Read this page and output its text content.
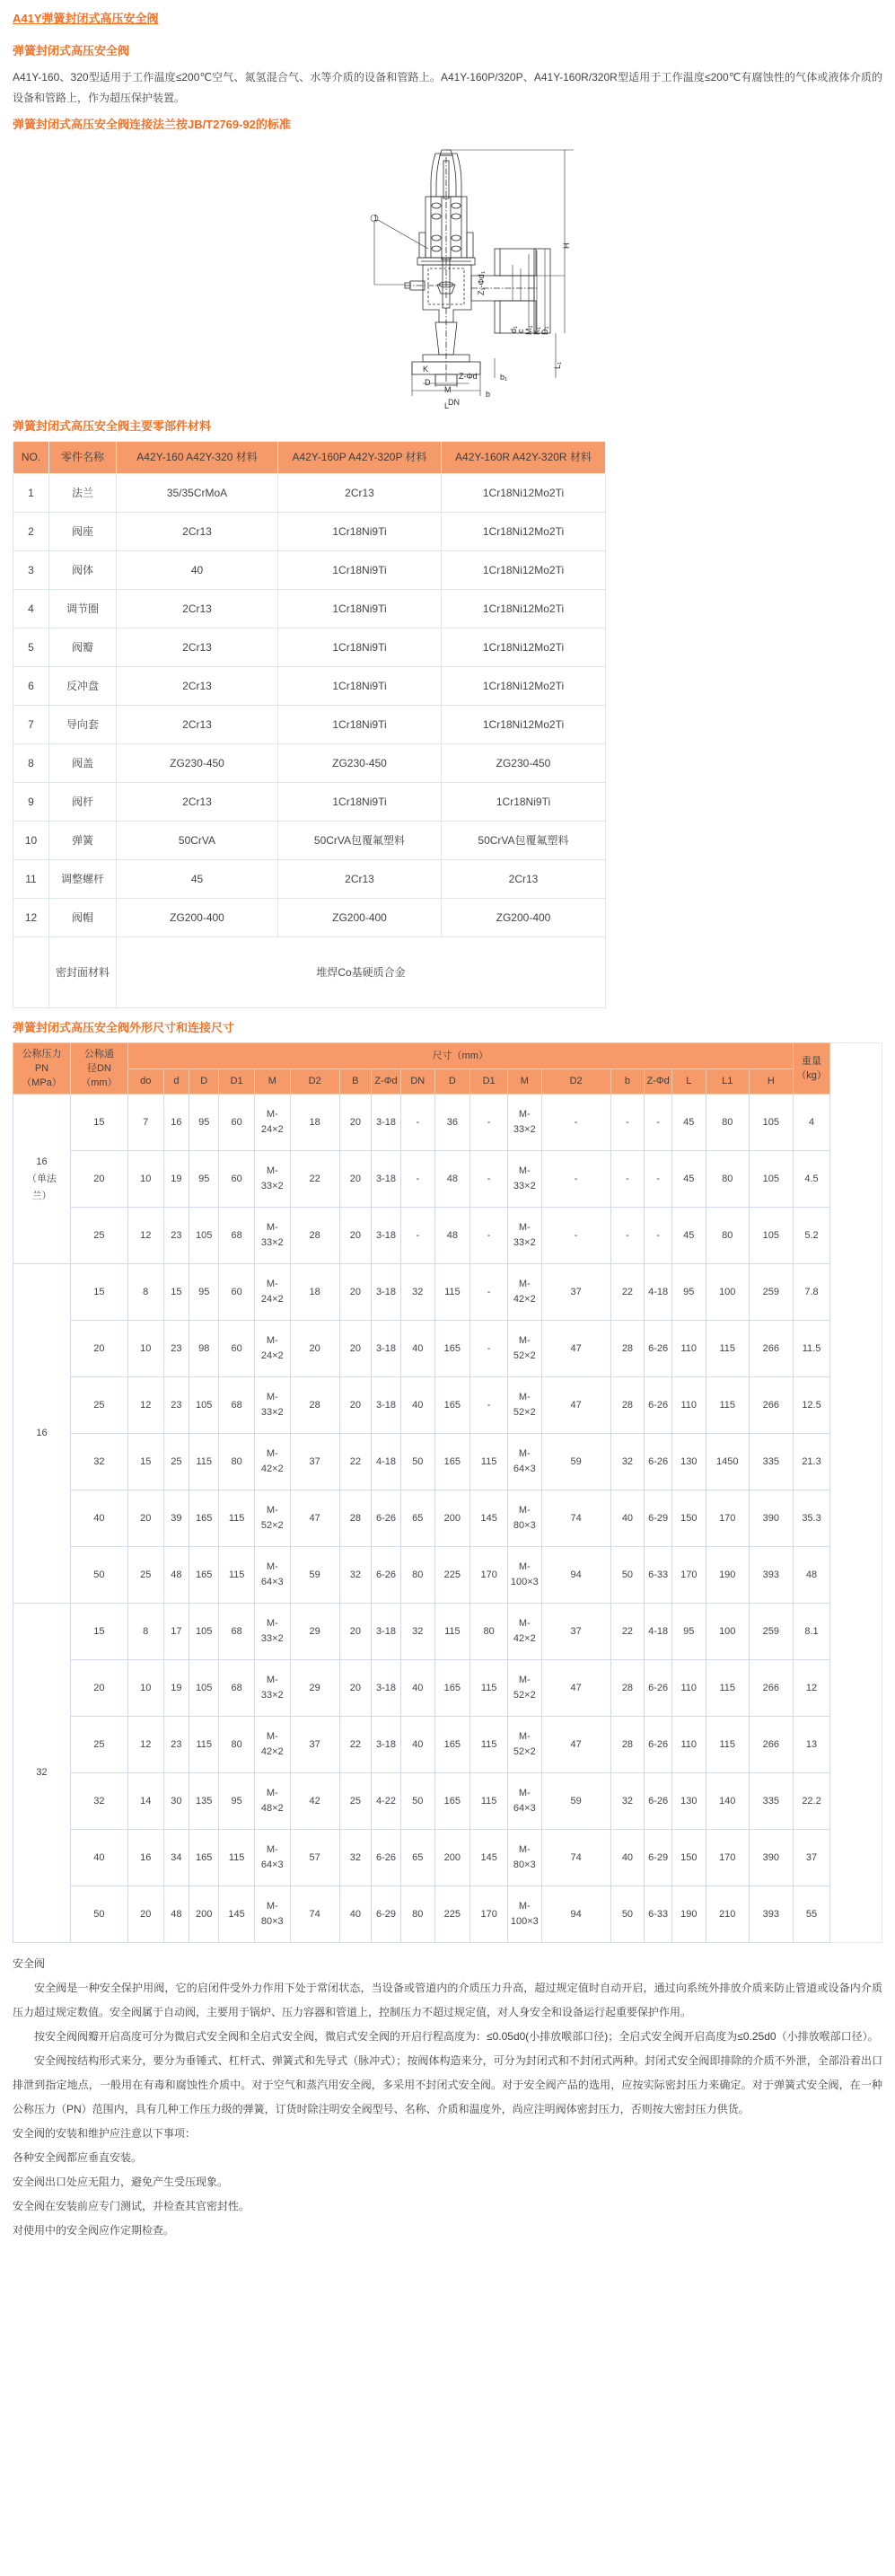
A41Y弹簧封闭式高压安全阀
弹簧封闭式高压安全阀

A41Y-160、320型适用于工作温度≤200℃空气、氮氢混合气、水等介质的设备和管路上。A41Y-160P/320P、A41Y-160R/320R型适用于工作温度≤200℃有腐蚀性的气体或液体介质的设备和管路上，作为超压保护装置。

弹簧封闭式高压安全阀连接法兰按JB/T2769-92的标准
H
Z₁-Φd₁
d₁
c M₁ K₁ D₁
L₁
b₁
Z-Φd
b
DN
K
D
M
L
1
弹簧封闭式高压安全阀主要零部件材料
NO.	零件名称	A42Y-160 A42Y-320 材料	A42Y-160P A42Y-320P 材料	A42Y-160R A42Y-320R 材料
1	法兰	35/35CrMoA	2Cr13	1Cr18Ni12Mo2Ti
2	阀座	2Cr13	1Cr18Ni9Ti	1Cr18Ni12Mo2Ti
3	阀体	40	1Cr18Ni9Ti	1Cr18Ni12Mo2Ti
4	调节圈	2Cr13	1Cr18Ni9Ti	1Cr18Ni12Mo2Ti
5	阀瓣	2Cr13	1Cr18Ni9Ti	1Cr18Ni12Mo2Ti
6	反冲盘	2Cr13	1Cr18Ni9Ti	1Cr18Ni12Mo2Ti
7	导向套	2Cr13	1Cr18Ni9Ti	1Cr18Ni12Mo2Ti
8	阀盖	ZG230-450	ZG230-450	ZG230-450
9	阀杆	2Cr13	1Cr18Ni9Ti	1Cr18Ni9Ti
10	弹簧	50CrVA	50CrVA包覆氟塑料	50CrVA包覆氟塑料
11	调整螺杆	45	2Cr13	2Cr13
12	阀帽	ZG200-400	ZG200-400	ZG200-400
	密封面材料	堆焊Co基硬质合金		
弹簧封闭式高压安全阀外形尺寸和连接尺寸
公称压力
PN
（MPa）

公称通
径DN
（mm）
	尺寸（mm）	
重量
（kg）

		do	d	D	D1	M	D2	B	Z-Φd	DN	D	D1	M	D2	b	Z-Φd	L	L1	H	

16
（单法
兰）	15	7	16	95	60	M-24×2	18	20	3-18	-	36	-	M-33×2	-	-	-	45	80	105	4
	20	10	19	95	60	M-33×2	22	20	3-18	-	48	-	M-33×2	-	-	-	45	80	105	4.5
	25	12	23	105	68	M-33×2	28	20	3-18	-	48	-	M-33×2	-	-	-	45	80	105	5.2

16	15	8	15	95	60	M-24×2	18	20	3-18	32	115	-	M-42×2	37	22	4-18	95	100	259	7.8
	20	10	23	98	60	M-24×2	20	20	3-18	40	165	-	M-52×2	47	28	6-26	110	115	266	11.5
	25	12	23	105	68	M-33×2	28	20	3-18	40	165	-	M-52×2	47	28	6-26	110	115	266	12.5
	32	15	25	115	80	M-42×2	37	22	4-18	50	165	115	M-64×3	59	32	6-26	130	1450	335	21.3
	40	20	39	165	115	M-52×2	47	28	6-26	65	200	145	M-80×3	74	40	6-29	150	170	390	35.3
	50	25	48	165	115	M-64×3	59	32	6-26	80	225	170	M-100×3	94	50	6-33	170	190	393	48

32	15	8	17	105	68	M-33×2	29	20	3-18	32	115	80	M-42×2	37	22	4-18	95	100	259	8.1
	20	10	19	105	68	M-33×2	29	20	3-18	40	165	115	M-52×2	47	28	6-26	110	115	266	12
	25	12	23	115	80	M-42×2	37	22	3-18	40	165	115	M-52×2	47	28	6-26	110	115	266	13
	32	14	30	135	95	M-48×2	42	25	4-22	50	165	115	M-64×3	59	32	6-26	130	140	335	22.2
	40	16	34	165	115	M-64×3	57	32	6-26	65	200	145	M-80×3	74	40	6-29	150	170	390	37
	50	20	48	200	145	M-80×3	74	40	6-29	80	225	170	M-100×3	94	50	6-33	190	210	393	55

安全阀

安全阀是一种安全保护用阀，它的启闭件受外力作用下处于常闭状态，当设备或管道内的介质压力升高，超过规定值时自动开启，通过向系统外排放介质来防止管道或设备内介质压力超过规定数值。安全阀属于自动阀，主要用于锅炉、压力容器和管道上，控制压力不超过规定值，对人身安全和设备运行起重要保护作用。

按安全阀阀瓣开启高度可分为微启式安全阀和全启式安全阀，微启式安全阀的开启行程高度为：≤0.05d0(小排放喉部口径)；全启式安全阀开启高度为≤0.25d0（小排放喉部口径）。

安全阀按结构形式来分，要分为垂锤式、杠杆式、弹簧式和先导式（脉冲式）；按阀体构造来分，可分为封闭式和不封闭式两种。封闭式安全阀即排除的介质不外泄，全部沿着出口排泄到指定地点，一般用在有毒和腐蚀性介质中。对于空气和蒸汽用安全阀，多采用不封闭式安全阀。对于安全阀产品的选用，应按实际密封压力来确定。对于弹簧式安全阀，在一种公称压力（PN）范围内，具有几种工作压力级的弹簧，订货时除注明安全阀型号、名称、介质和温度外，尚应注明阀体密封压力，否则按大密封压力供货。

安全阀的安装和维护应注意以下事项：

各种安全阀都应垂直安装。

安全阀出口处应无阻力，避免产生受压现象。

安全阀在安装前应专门测试，并检查其官密封性。

对使用中的安全阀应作定期检查。
